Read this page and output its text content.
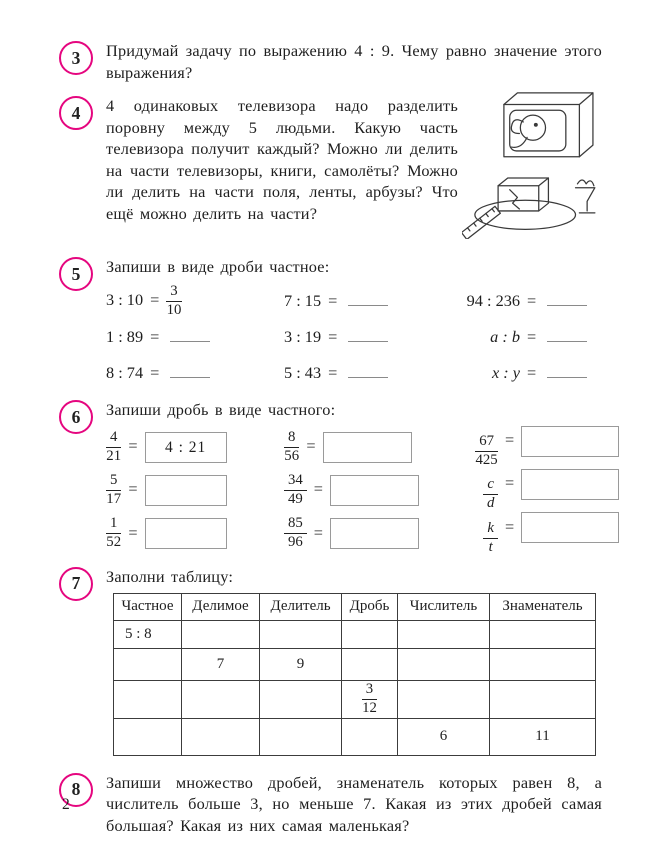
3	Придумай задачу по выражению 4 : 9. Чему равно значение этого выражения?

4	4 одинаковых телевизора надо разделить поровну между 5 людьми. Какую часть телевизора получит каждый? Можно ли делить на части телевизоры, книги, самолёты? Можно ли делить на части поля, ленты, арбузы? Что ещё можно делить на части?

5	Запиши в виде дроби частное:

3 : $10 = \frac{3}{10}$	7 : 15 =	94 : 236 =
1 : 89 =	3 : 19 =	a : b =
8 : 74 =	5 : 43 =	x : y =
6	Запиши дробь в виде частного:

$\frac{4}{21} = 4$ : 21	$\frac{8}{56}$ =	$\frac{67}{425}$ =
$\frac{5}{17}$ =	$\frac{34}{49}$ =	$\frac{c}{d}$ =
$\frac{1}{52}$ =	$\frac{85}{96}$ =	$\frac{k}{t}$ =
7	Заполни таблицу:

Частное	Делимое	Делитель	Дробь	Числитель	Знаменатель
5 : 8					
	7	9			

			$\frac{3}{12}$

				6	11
8	Запиши множество дробей, знаменатель которых равен 8, а числитель больше 3, но меньше 7. Какая из этих дробей самая большая? Какая из них самая маленькая?

2
